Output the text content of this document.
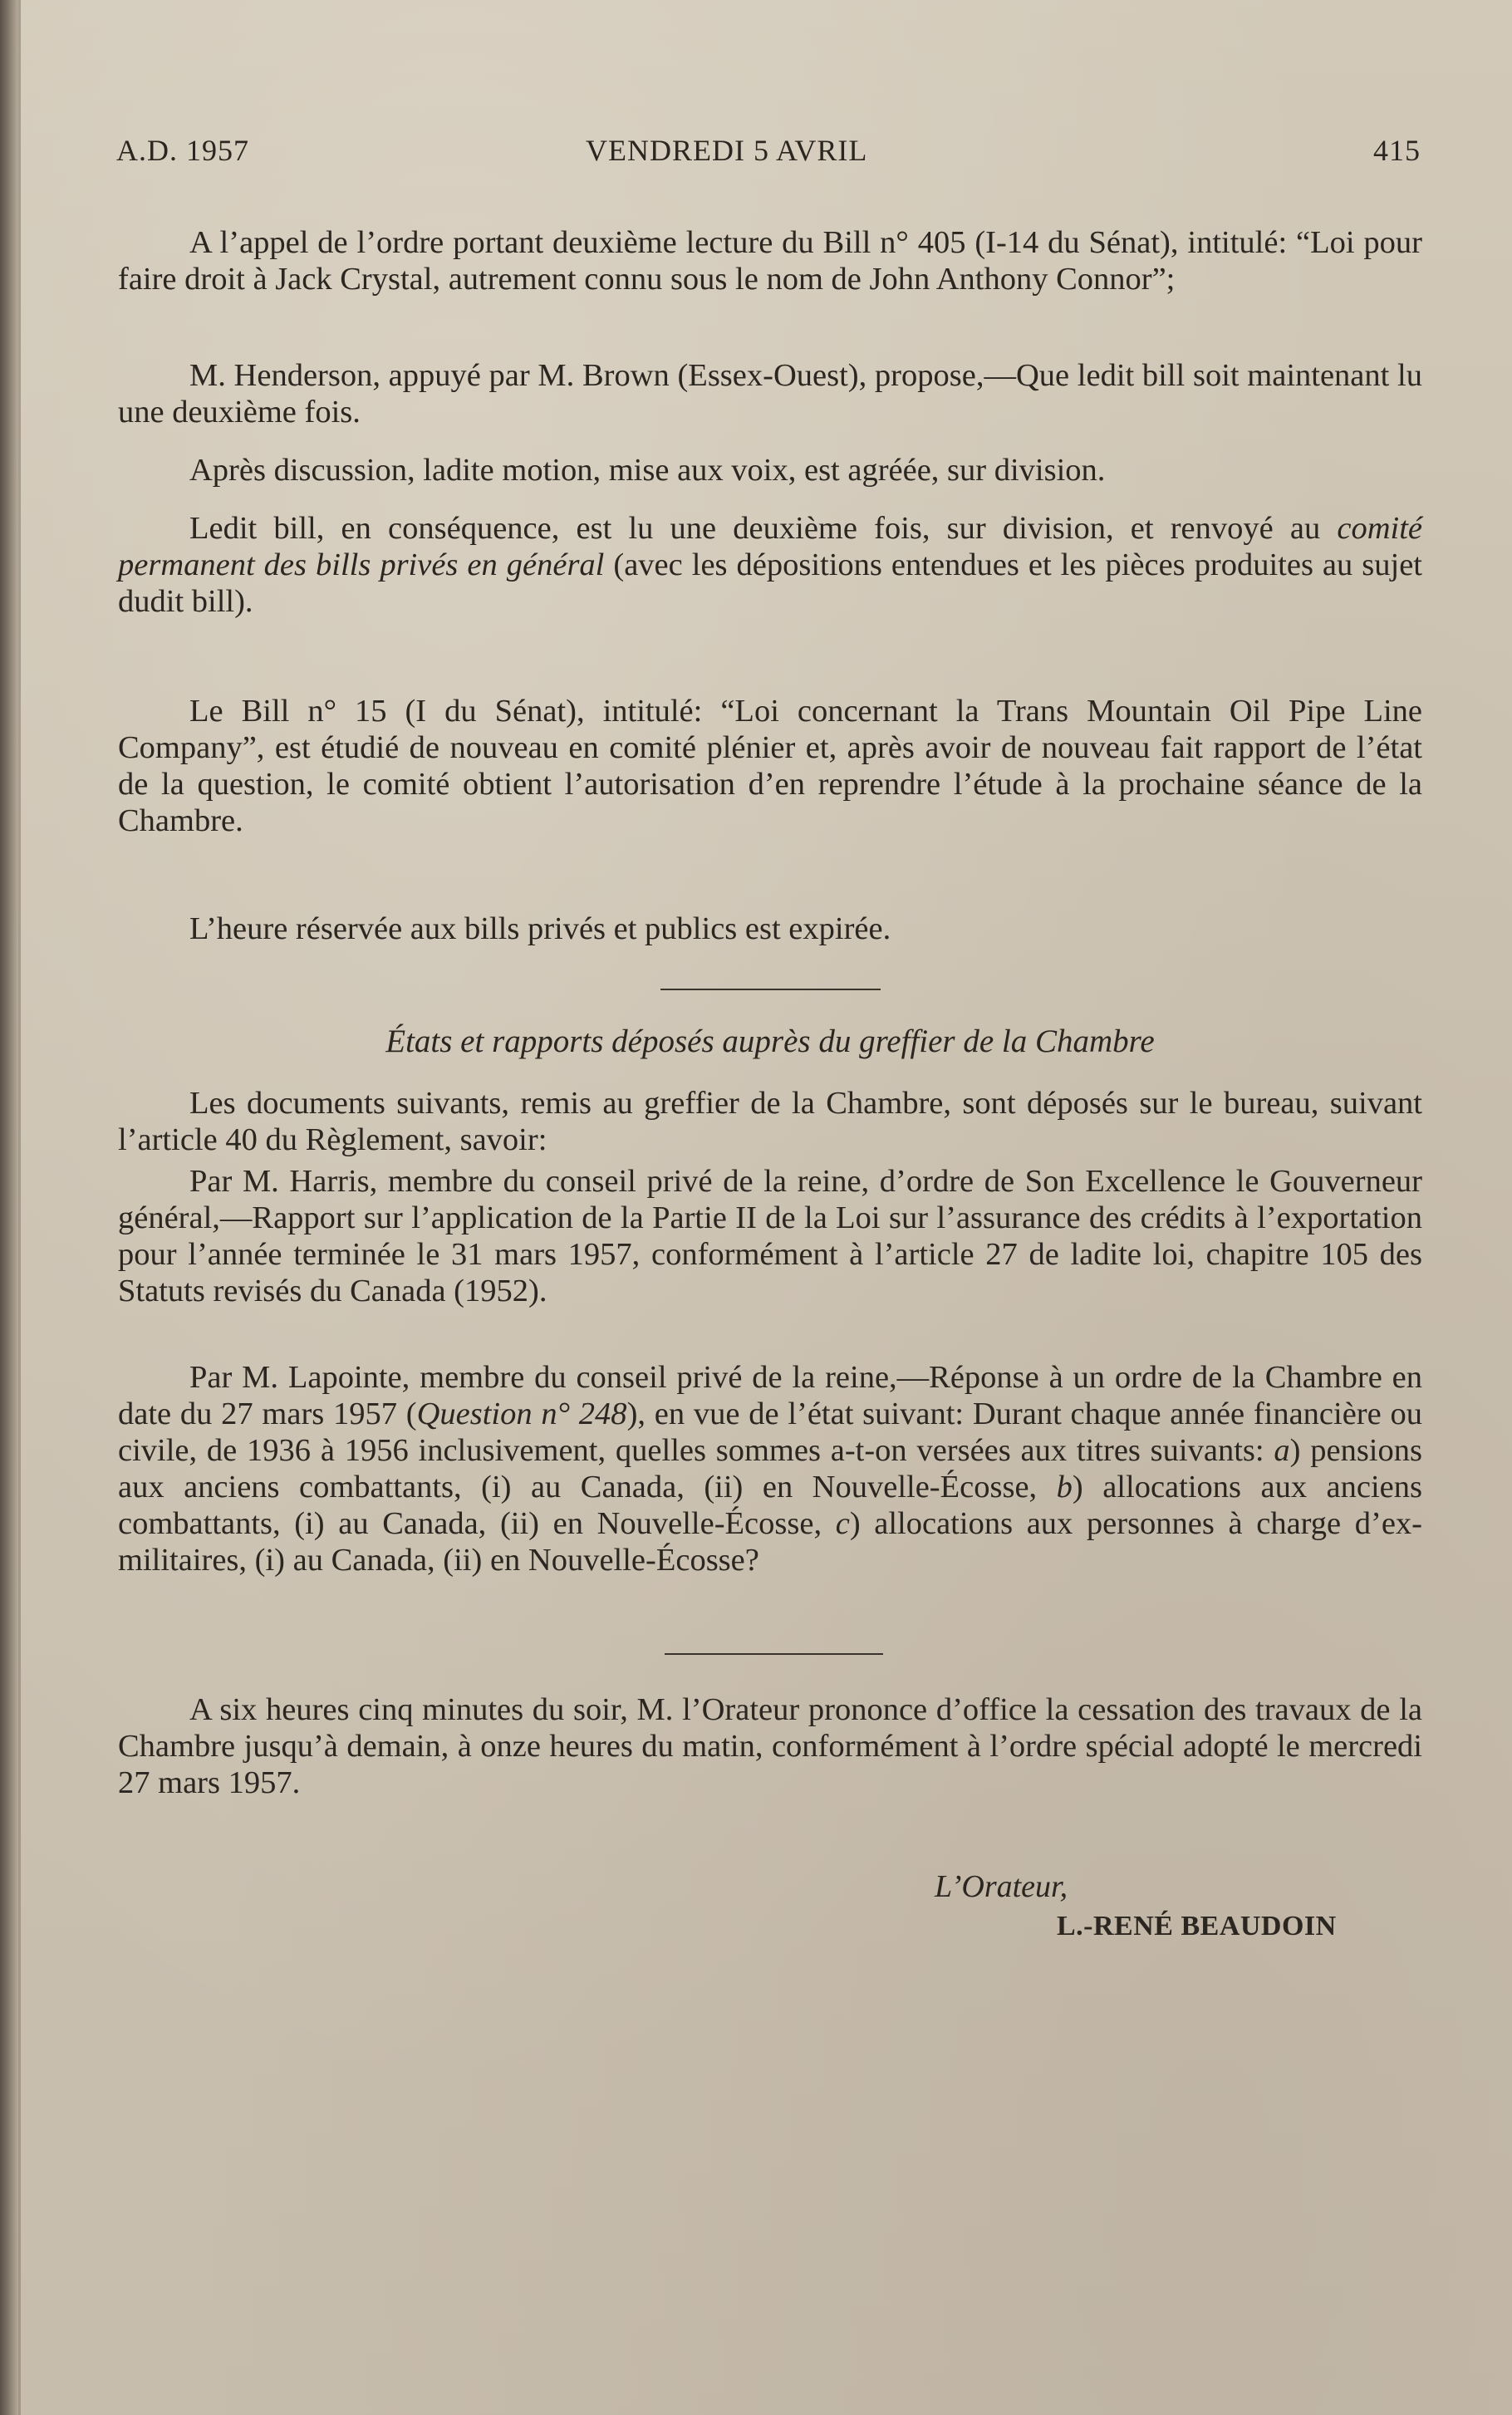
A.D. 1957	VENDREDI 5 AVRIL	415

A l’appel de l’ordre portant deuxième lecture du Bill n° 405 (I-14 du Sénat), intitulé: “Loi pour faire droit à Jack Crystal, autrement connu sous le nom de John Anthony Connor”;

M. Henderson, appuyé par M. Brown (Essex-Ouest), propose,—Que ledit bill soit maintenant lu une deuxième fois.

Après discussion, ladite motion, mise aux voix, est agréée, sur division.

Ledit bill, en conséquence, est lu une deuxième fois, sur division, et renvoyé au comité permanent des bills privés en général (avec les dépositions entendues et les pièces produites au sujet dudit bill).

Le Bill n° 15 (I du Sénat), intitulé: “Loi concernant la Trans Mountain Oil Pipe Line Company”, est étudié de nouveau en comité plénier et, après avoir de nouveau fait rapport de l’état de la question, le comité obtient l’autorisation d’en reprendre l’étude à la prochaine séance de la Chambre.

L’heure réservée aux bills privés et publics est expirée.

États et rapports déposés auprès du greffier de la Chambre

Les documents suivants, remis au greffier de la Chambre, sont déposés sur le bureau, suivant l’article 40 du Règlement, savoir:

Par M. Harris, membre du conseil privé de la reine, d’ordre de Son Excellence le Gouverneur général,—Rapport sur l’application de la Partie II de la Loi sur l’assurance des crédits à l’exportation pour l’année terminée le 31 mars 1957, conformément à l’article 27 de ladite loi, chapitre 105 des Statuts revisés du Canada (1952).

Par M. Lapointe, membre du conseil privé de la reine,—Réponse à un ordre de la Chambre en date du 27 mars 1957 (Question n° 248), en vue de l’état suivant: Durant chaque année financière ou civile, de 1936 à 1956 inclusivement, quelles sommes a-t-on versées aux titres suivants: a) pensions aux anciens combattants, (i) au Canada, (ii) en Nouvelle-Écosse, b) allocations aux anciens combattants, (i) au Canada, (ii) en Nouvelle-Écosse, c) allocations aux personnes à charge d’ex-militaires, (i) au Canada, (ii) en Nouvelle-Écosse?

A six heures cinq minutes du soir, M. l’Orateur prononce d’office la cessation des travaux de la Chambre jusqu’à demain, à onze heures du matin, conformément à l’ordre spécial adopté le mercredi 27 mars 1957.

L’Orateur,
L.-RENÉ BEAUDOIN
